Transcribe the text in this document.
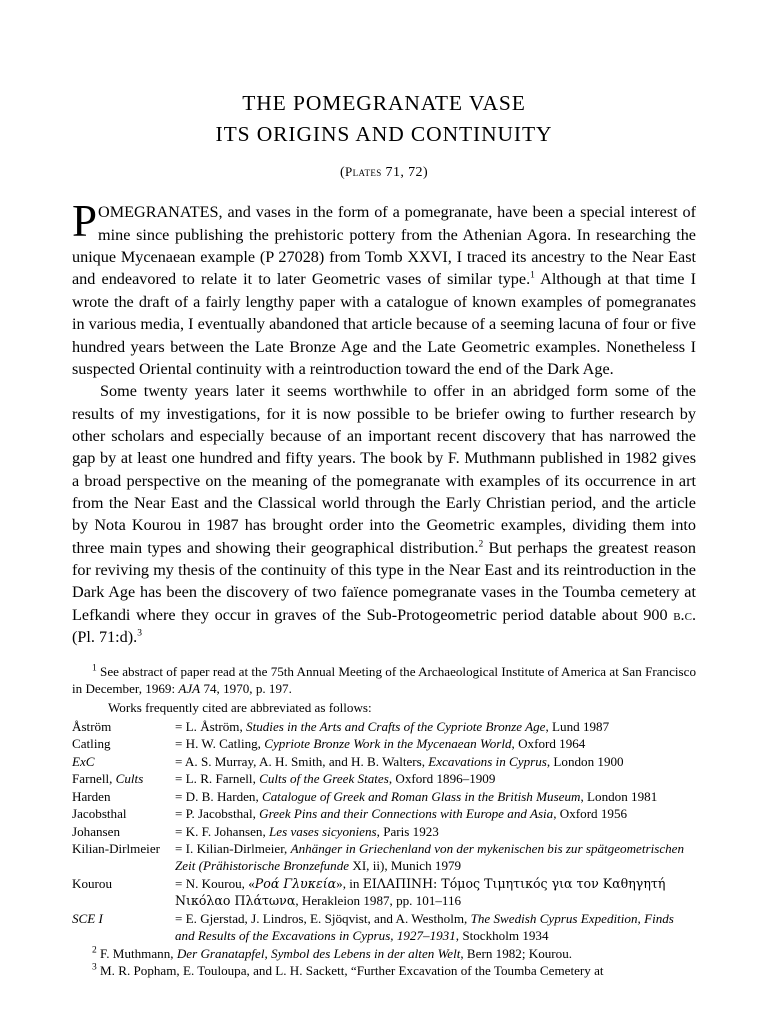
THE POMEGRANATE VASE
ITS ORIGINS AND CONTINUITY
(Plates 71, 72)

POMEGRANATES, and vases in the form of a pomegranate, have been a special interest of mine since publishing the prehistoric pottery from the Athenian Agora. In researching the unique Mycenaean example (P 27028) from Tomb XXVI, I traced its ancestry to the Near East and endeavored to relate it to later Geometric vases of similar type.$^1$ Although at that time I wrote the draft of a fairly lengthy paper with a catalogue of known examples of pomegranates in various media, I eventually abandoned that article because of a seeming lacuna of four or five hundred years between the Late Bronze Age and the Late Geometric examples. Nonetheless I suspected Oriental continuity with a reintroduction toward the end of the Dark Age.

Some twenty years later it seems worthwhile to offer in an abridged form some of the results of my investigations, for it is now possible to be briefer owing to further research by other scholars and especially because of an important recent discovery that has narrowed the gap by at least one hundred and fifty years. The book by F. Muthmann published in 1982 gives a broad perspective on the meaning of the pomegranate with examples of its occurrence in art from the Near East and the Classical world through the Early Christian period, and the article by Nota Kourou in 1987 has brought order into the Geometric examples, dividing them into three main types and showing their geographical distribution.$^2$ But perhaps the greatest reason for reviving my thesis of the continuity of this type in the Near East and its reintroduction in the Dark Age has been the discovery of two faïence pomegranate vases in the Toumba cemetery at Lefkandi where they occur in graves of the Sub-Protogeometric period datable about 900 b.c. (Pl. 71:d).$^3$

$^1$ See abstract of paper read at the 75th Annual Meeting of the Archaeological Institute of America at San Francisco in December, 1969: AJA 74, 1970, p. 197.

Works frequently cited are abbreviated as follows:

Åström	= L. Åström, Studies in the Arts and Crafts of the Cypriote Bronze Age, Lund 1987
Catling	= H. W. Catling, Cypriote Bronze Work in the Mycenaean World, Oxford 1964
ExC	= A. S. Murray, A. H. Smith, and H. B. Walters, Excavations in Cyprus, London 1900
Farnell, Cults	= L. R. Farnell, Cults of the Greek States, Oxford 1896–1909
Harden	= D. B. Harden, Catalogue of Greek and Roman Glass in the British Museum, London 1981
Jacobsthal	= P. Jacobsthal, Greek Pins and their Connections with Europe and Asia, Oxford 1956
Johansen	= K. F. Johansen, Les vases sicyoniens, Paris 1923
Kilian-Dirlmeier	= I. Kilian-Dirlmeier, Anhänger in Griechenland von der mykenischen bis zur spätgeometrischen Zeit (Prähistorische Bronzefunde XI, ii), Munich 1979
Kourou	= N. Kourou, «Ροά Γλυκεία», in ΕΙΛΑΠΙΝΗ: Τόμος Τιμητικός για τον Καθηγητή Νικόλαο Πλάτωνα, Herakleion 1987, pp. 101–116
SCE I	= E. Gjerstad, J. Lindros, E. Sjöqvist, and A. Westholm, The Swedish Cyprus Expedition, Finds and Results of the Excavations in Cyprus, 1927–1931, Stockholm 1934

$^2$ F. Muthmann, Der Granatapfel, Symbol des Lebens in der alten Welt, Bern 1982; Kourou.

$^3$ M. R. Popham, E. Touloupa, and L. H. Sackett, “Further Excavation of the Toumba Cemetery at
